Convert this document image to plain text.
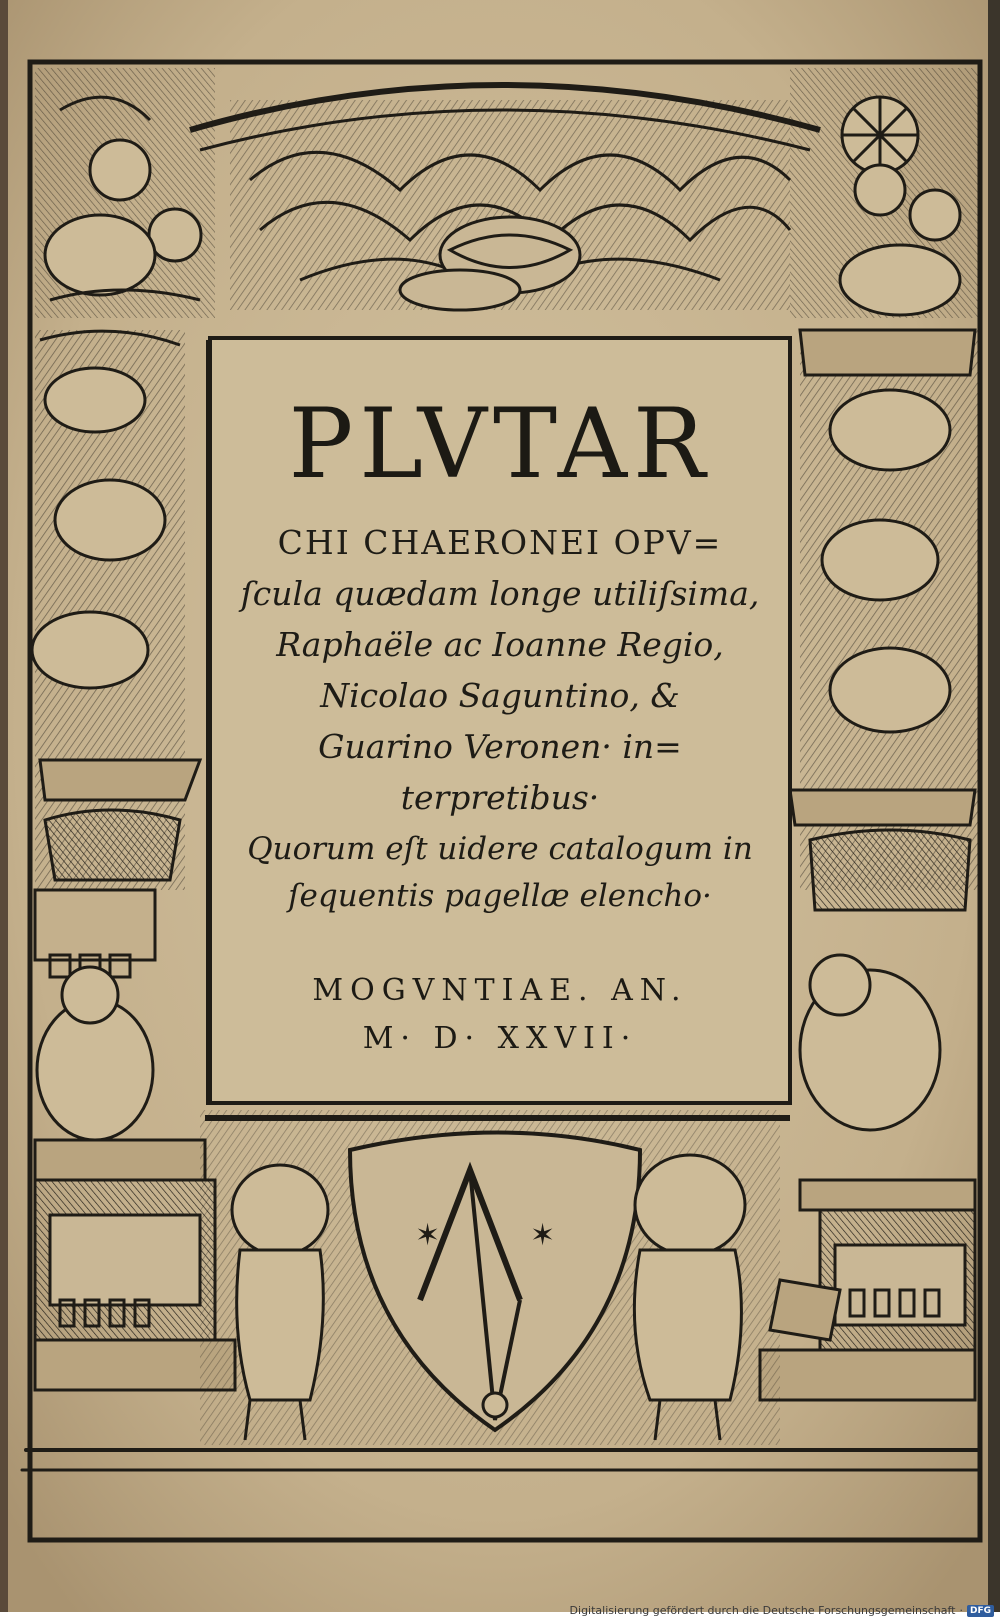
✶	✶
PLVTAR
CHI CHAERONEI OPV=
ſcula quædam longe utiliſsima,
Raphaële ac Ioanne Regio,
Nicolao Saguntino, &
Guarino Veronen· in=
terpretibus·
Quorum eſt uidere catalogum in
ſequentis pagellæ elencho·
MOGVNTIAE. AN.
M· D· XXVII·
Digitalisierung gefördert durch die Deutsche Forschungsgemeinschaft · DFG
